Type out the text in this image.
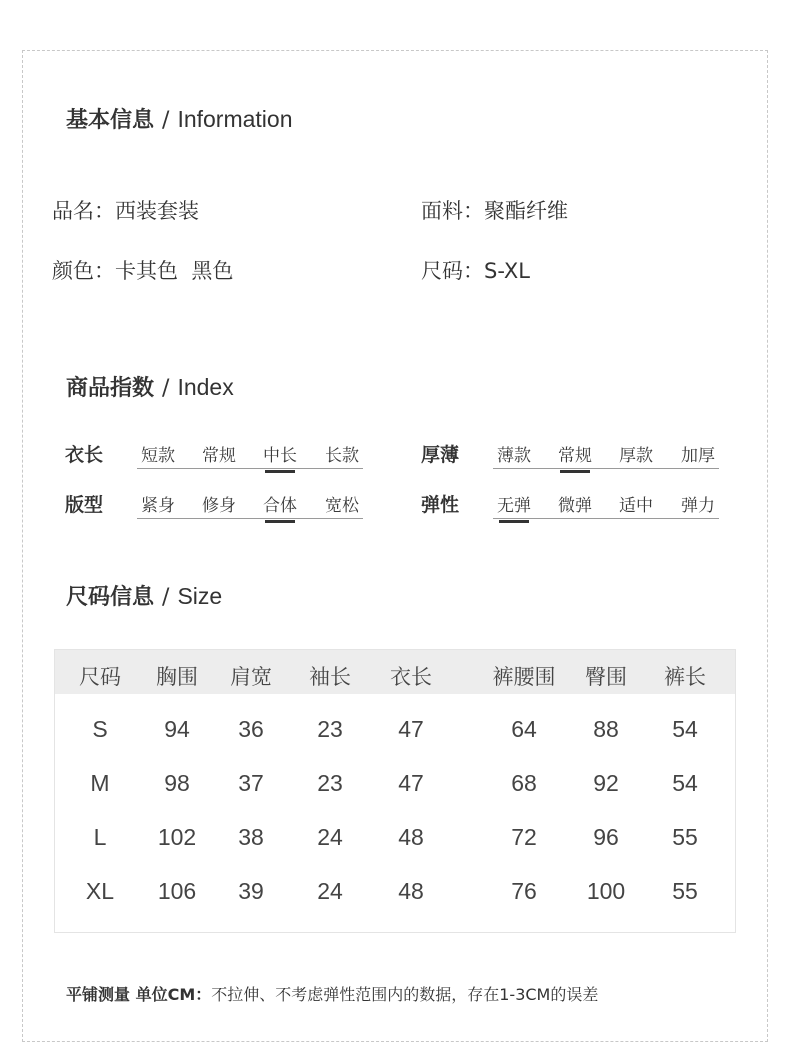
基本信息 / Information
品名：西装套装	面料：聚酯纤维
颜色：卡其色  黑色	尺码：S-XL
商品指数 / Index
衣长	短款	常规	中长	长款	厚薄	薄款	常规	厚款	加厚
版型	紧身	修身	合体	宽松	弹性	无弹	微弹	适中	弹力
尺码信息 / Size
尺码	胸围	肩宽	袖长	衣长	裤腰围	臀围	裤长
S	94	36	23	47	64	88	54
M	98	37	23	47	68	92	54
L	102	38	24	48	72	96	55
XL	106	39	24	48	76	100	55
平铺测量 单位CM：不拉伸、不考虑弹性范围内的数据，存在1-3CM的误差
